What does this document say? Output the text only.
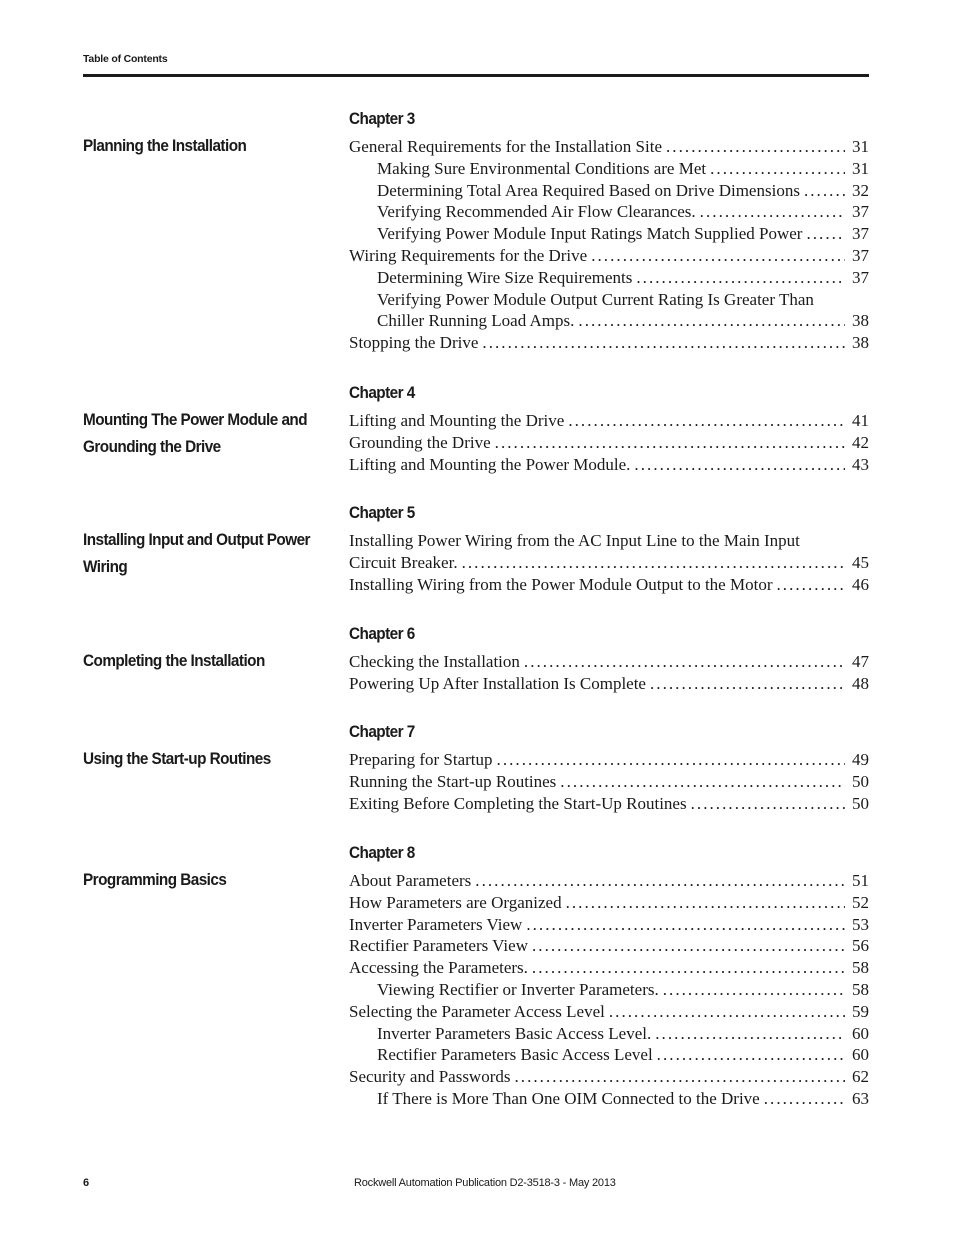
Table of Contents
Chapter 3
Planning the Installation	General Requirements for the Installation Site . . .	31
Making Sure Environmental Conditions are Met . . .	31
Determining Total Area Required Based on Drive Dimensions . . .	32
Verifying Recommended Air Flow Clearances. . . .	37
Verifying Power Module Input Ratings Match Supplied Power . . .	37
Wiring Requirements for the Drive . . .	37
Determining Wire Size Requirements . . .	37
Verifying Power Module Output Current Rating Is Greater Than
Chiller Running Load Amps. . . .	38
Stopping the Drive . . .	38
Chapter 4
Mounting The Power Module and
Grounding the Drive
Lifting and Mounting the Drive . . .	41
Grounding the Drive . . .	42
Lifting and Mounting the Power Module. . . .	43
Chapter 5
Installing Input and Output Power
Wiring
Installing Power Wiring from the AC Input Line to the Main Input
Circuit Breaker. . . .	45
Installing Wiring from the Power Module Output to the Motor . . .	46
Chapter 6
Completing the Installation	Checking the Installation . . .	47
Powering Up After Installation Is Complete . . .	48
Chapter 7
Using the Start-up Routines	Preparing for Startup . . .	49
Running the Start-up Routines . . .	50
Exiting Before Completing the Start-Up Routines . . .	50
Chapter 8
Programming Basics	About Parameters . . .	51
How Parameters are Organized . . .	52
Inverter Parameters View . . .	53
Rectifier Parameters View . . .	56
Accessing the Parameters. . . .	58
Viewing Rectifier or Inverter Parameters. . . .	58
Selecting the Parameter Access Level . . .	59
Inverter Parameters Basic Access Level. . . .	60
Rectifier Parameters Basic Access Level . . .	60
Security and Passwords . . .	62
If There is More Than One OIM Connected to the Drive . . .	63
6	Rockwell Automation Publication D2-3518-3 - May 2013
